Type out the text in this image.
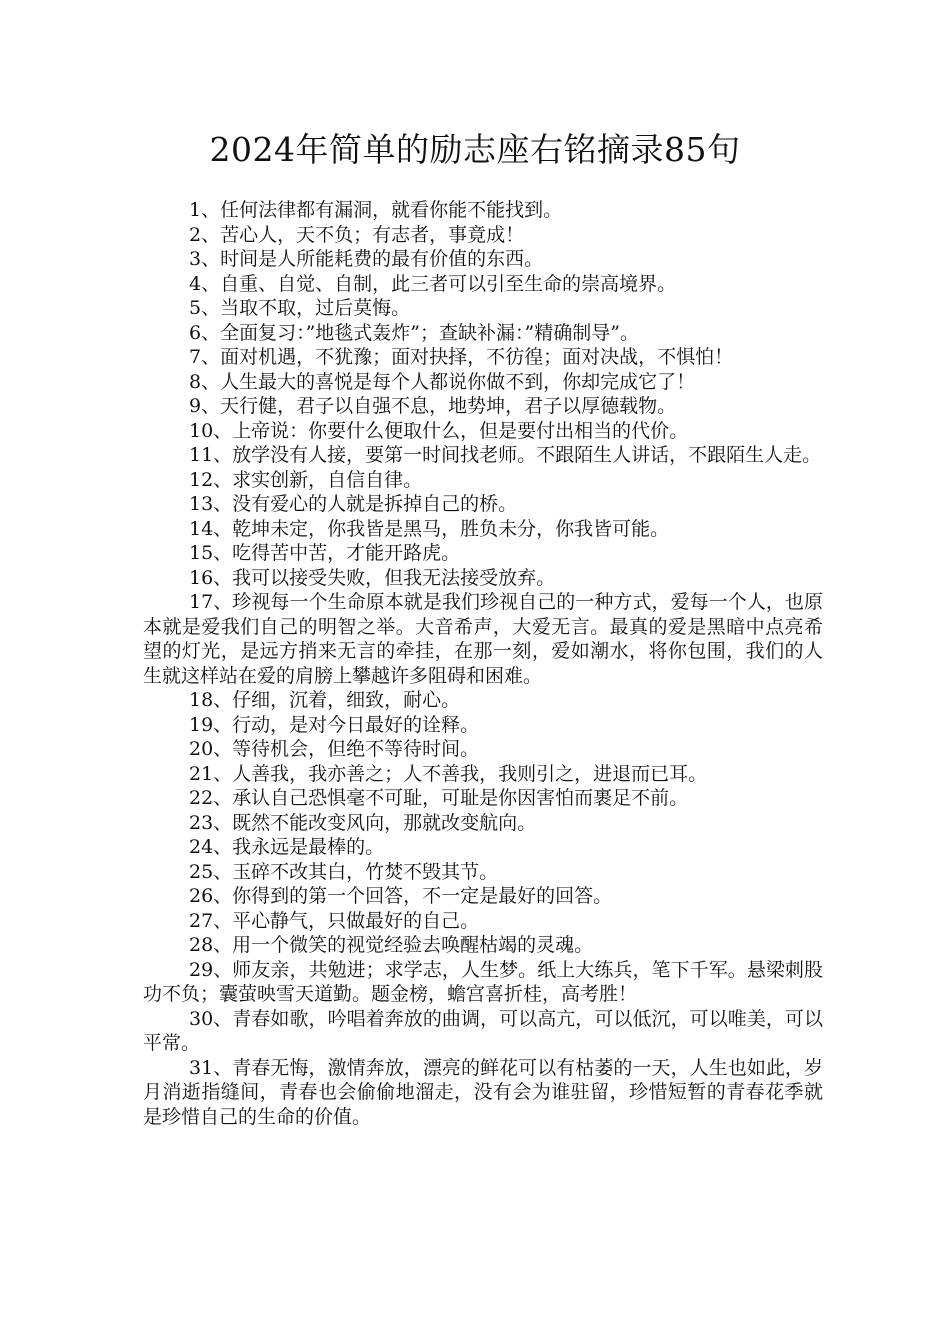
2024年简单的励志座右铭摘录85句

1、任何法律都有漏洞，就看你能不能找到。

2、苦心人，天不负；有志者，事竟成！

3、时间是人所能耗费的最有价值的东西。

4、自重、自觉、自制，此三者可以引至生命的崇高境界。

5、当取不取，过后莫悔。

6、全面复习：”地毯式轰炸”；查缺补漏：”精确制导”。

7、面对机遇，不犹豫；面对抉择，不彷徨；面对决战，不惧怕！

8、人生最大的喜悦是每个人都说你做不到，你却完成它了！

9、天行健，君子以自强不息，地势坤，君子以厚德载物。

10、上帝说：你要什么便取什么，但是要付出相当的代价。

11、放学没有人接，要第一时间找老师。不跟陌生人讲话，不跟陌生人走。

12、求实创新，自信自律。

13、没有爱心的人就是拆掉自己的桥。

14、乾坤未定，你我皆是黑马，胜负未分，你我皆可能。

15、吃得苦中苦，才能开路虎。

16、我可以接受失败，但我无法接受放弃。

17、珍视每一个生命原本就是我们珍视自己的一种方式，爱每一个人，也原本就是爱我们自己的明智之举。大音希声，大爱无言。最真的爱是黑暗中点亮希望的灯光，是远方捎来无言的牵挂，在那一刻，爱如潮水，将你包围，我们的人生就这样站在爱的肩膀上攀越许多阻碍和困难。

18、仔细，沉着，细致，耐心。

19、行动，是对今日最好的诠释。

20、等待机会，但绝不等待时间。

21、人善我，我亦善之；人不善我，我则引之，进退而已耳。

22、承认自己恐惧毫不可耻，可耻是你因害怕而裹足不前。

23、既然不能改变风向，那就改变航向。

24、我永远是最棒的。

25、玉碎不改其白，竹焚不毁其节。

26、你得到的第一个回答，不一定是最好的回答。

27、平心静气，只做最好的自己。

28、用一个微笑的视觉经验去唤醒枯竭的灵魂。

29、师友亲，共勉进；求学志，人生梦。纸上大练兵，笔下千军。悬梁刺股功不负；囊萤映雪天道勤。题金榜，蟾宫喜折桂，高考胜！

30、青春如歌，吟唱着奔放的曲调，可以高亢，可以低沉，可以唯美，可以平常。

31、青春无悔，激情奔放，漂亮的鲜花可以有枯萎的一天，人生也如此，岁月消逝指缝间，青春也会偷偷地溜走，没有会为谁驻留，珍惜短暂的青春花季就是珍惜自己的生命的价值。
